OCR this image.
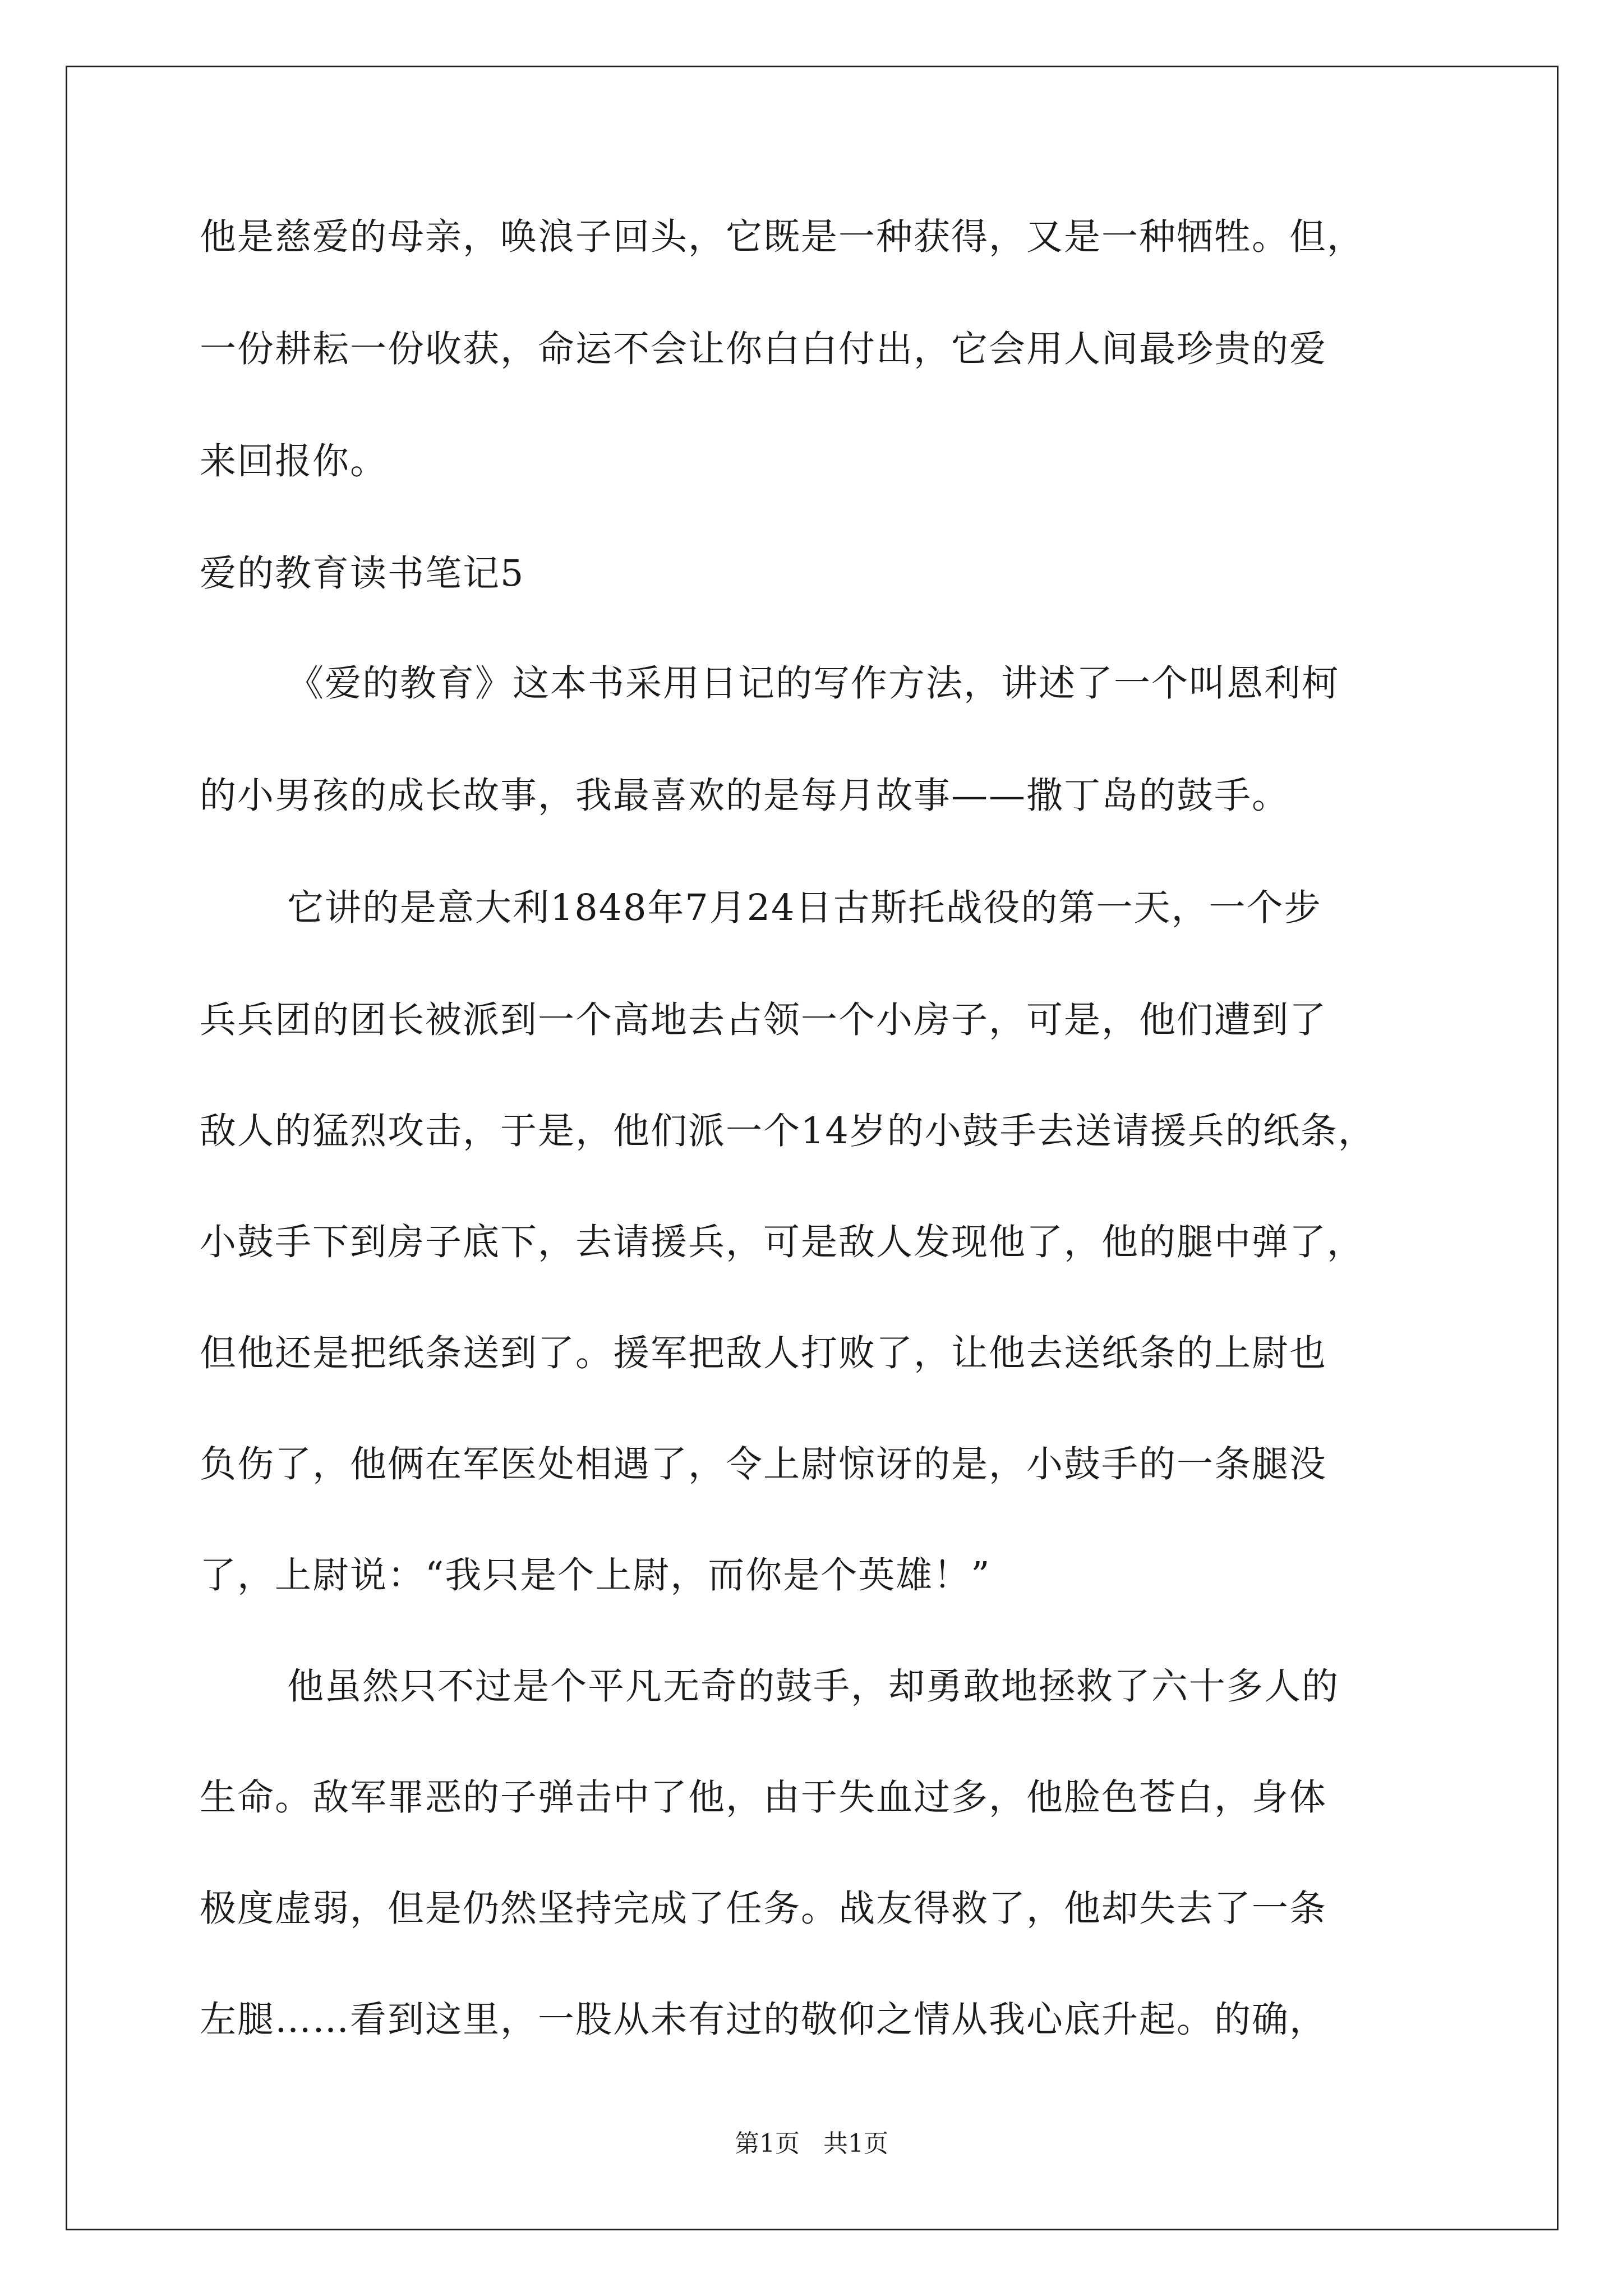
他是慈爱的母亲，唤浪子回头，它既是一种获得，又是一种牺牲。但，
一份耕耘一份收获，命运不会让你白白付出，它会用人间最珍贵的爱
来回报你。
爱的教育读书笔记5
《爱的教育》这本书采用日记的写作方法，讲述了一个叫恩利柯
的小男孩的成长故事，我最喜欢的是每月故事——撒丁岛的鼓手。
它讲的是意大利1848年7月24日古斯托战役的第一天，一个步
兵兵团的团长被派到一个高地去占领一个小房子，可是，他们遭到了
敌人的猛烈攻击，于是，他们派一个14岁的小鼓手去送请援兵的纸条，
小鼓手下到房子底下，去请援兵，可是敌人发现他了，他的腿中弹了，
但他还是把纸条送到了。援军把敌人打败了，让他去送纸条的上尉也
负伤了，他俩在军医处相遇了，令上尉惊讶的是，小鼓手的一条腿没
了，上尉说：“我只是个上尉，而你是个英雄！”
他虽然只不过是个平凡无奇的鼓手，却勇敢地拯救了六十多人的
生命。敌军罪恶的子弹击中了他，由于失血过多，他脸色苍白，身体
极度虚弱，但是仍然坚持完成了任务。战友得救了，他却失去了一条
左腿……看到这里，一股从未有过的敬仰之情从我心底升起。的确，
第1页   共1页
